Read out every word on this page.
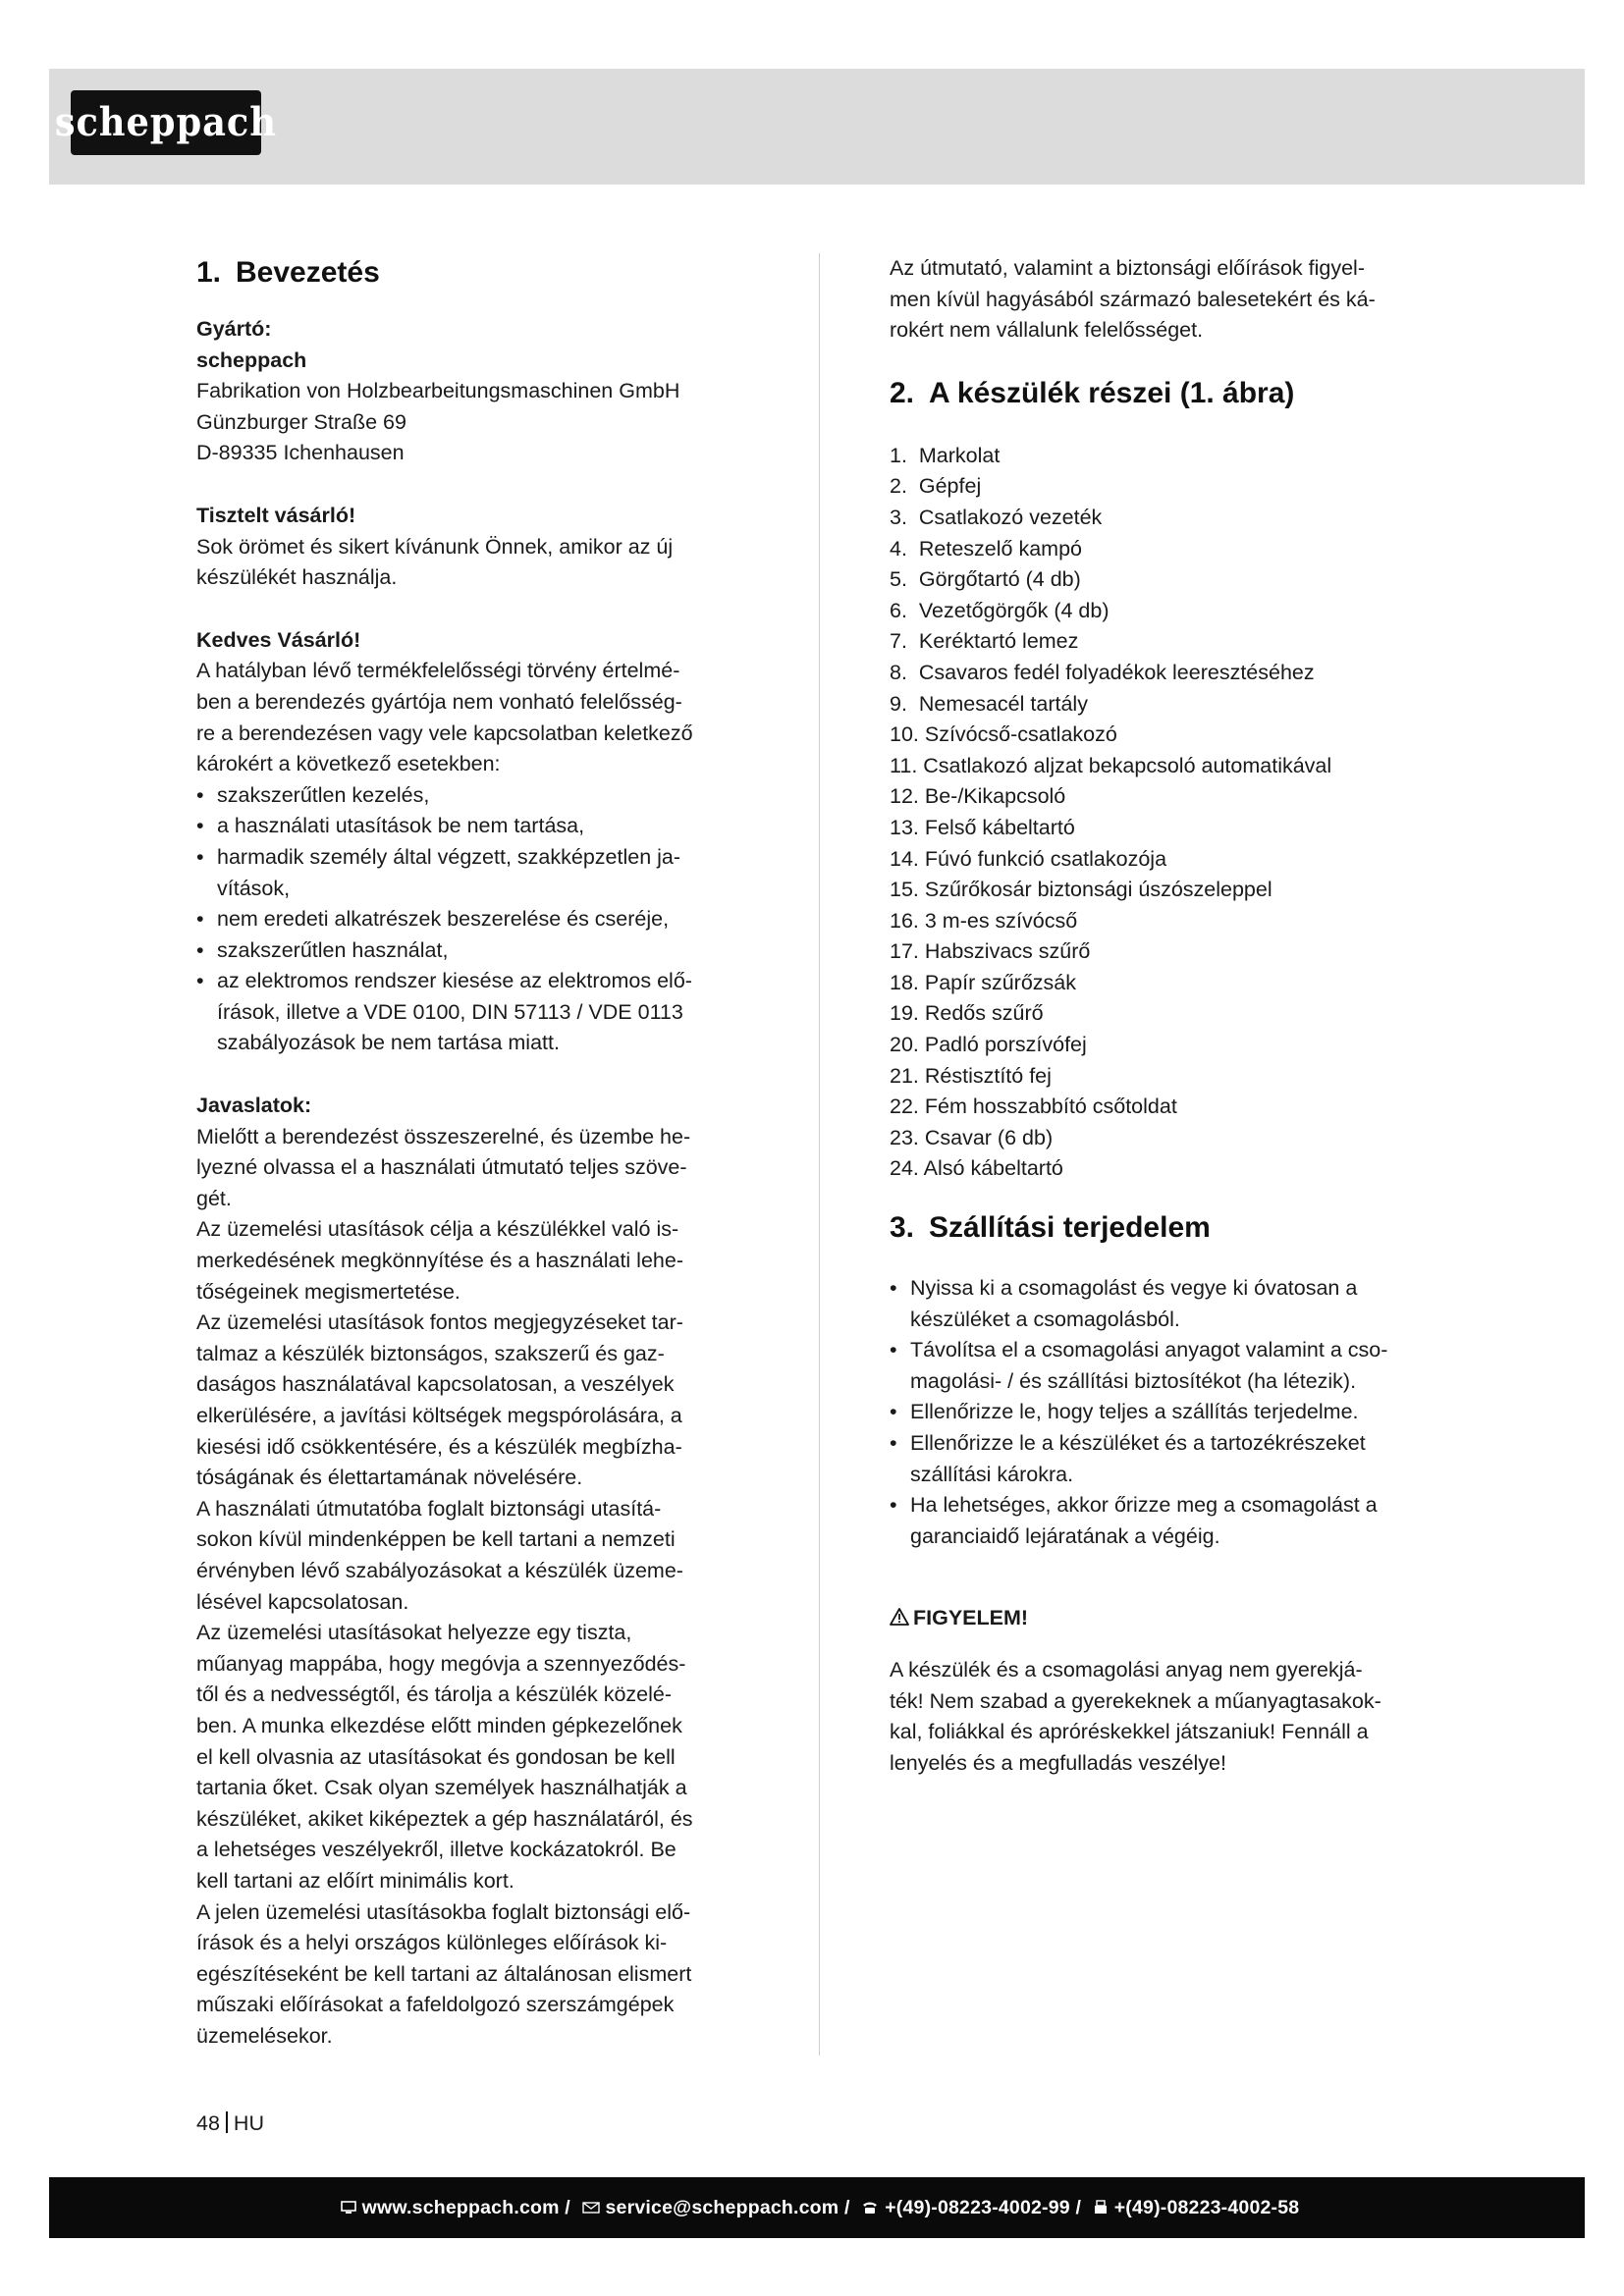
scheppach
1. Bevezetés

Gyártó:

scheppach

Fabrikation von Holzbearbeitungsmaschinen GmbH

Günzburger Straße 69

D-89335 Ichenhausen

Tisztelt vásárló!

Sok örömet és sikert kívánunk Önnek, amikor az új

készülékét használja.

Kedves Vásárló!

A hatályban lévő termékfelelősségi törvény értelmé-

ben a berendezés gyártója nem vonható felelősség-

re a berendezésen vagy vele kapcsolatban keletkező

károkért a következő esetekben:

• szakszerűtlen kezelés,
• a használati utasítások be nem tartása,
• harmadik személy által végzett, szakképzetlen ja-
vítások,
• nem eredeti alkatrészek beszerelése és cseréje,
• szakszerűtlen használat,
• az elektromos rendszer kiesése az elektromos elő-
írások, illetve a VDE 0100, DIN 57113 / VDE 0113
szabályozások be nem tartása miatt.

Javaslatok:

Mielőtt a berendezést összeszerelné, és üzembe he-

lyezné olvassa el a használati útmutató teljes szöve-

gét.

Az üzemelési utasítások célja a készülékkel való is-

merkedésének megkönnyítése és a használati lehe-

tőségeinek megismertetése.

Az üzemelési utasítások fontos megjegyzéseket tar-

talmaz a készülék biztonságos, szakszerű és gaz-

daságos használatával kapcsolatosan, a veszélyek

elkerülésére, a javítási költségek megspórolására, a

kiesési idő csökkentésére, és a készülék megbízha-

tóságának és élettartamának növelésére.

A használati útmutatóba foglalt biztonsági utasítá-

sokon kívül mindenképpen be kell tartani a nemzeti

érvényben lévő szabályozásokat a készülék üzeme-

lésével kapcsolatosan.

Az üzemelési utasításokat helyezze egy tiszta,

műanyag mappába, hogy megóvja a szennyeződés-

től és a nedvességtől, és tárolja a készülék közelé-

ben. A munka elkezdése előtt minden gépkezelőnek

el kell olvasnia az utasításokat és gondosan be kell

tartania őket. Csak olyan személyek használhatják a

készüléket, akiket kiképeztek a gép használatáról, és

a lehetséges veszélyekről, illetve kockázatokról. Be

kell tartani az előírt minimális kort.

A jelen üzemelési utasításokba foglalt biztonsági elő-

írások és a helyi országos különleges előírások ki-

egészítéseként be kell tartani az általánosan elismert

műszaki előírásokat a fafeldolgozó szerszámgépek

üzemelésekor.

Az útmutató, valamint a biztonsági előírások figyel-

men kívül hagyásából származó balesetekért és ká-

rokért nem vállalunk felelősséget.

2. A készülék részei (1. ábra)
1.  Markolat
2.  Gépfej
3.  Csatlakozó vezeték
4.  Reteszelő kampó
5.  Görgőtartó (4 db)
6.  Vezetőgörgők (4 db)
7.  Keréktartó lemez
8.  Csavaros fedél folyadékok leeresztéséhez
9.  Nemesacél tartály
10. Szívócső-csatlakozó
11. Csatlakozó aljzat bekapcsoló automatikával
12. Be-/Kikapcsoló
13. Felső kábeltartó
14. Fúvó funkció csatlakozója
15. Szűrőkosár biztonsági úszószeleppel
16. 3 m-es szívócső
17. Habszivacs szűrő
18. Papír szűrőzsák
19. Redős szűrő
20. Padló porszívófej
21. Réstisztító fej
22. Fém hosszabbító csőtoldat
23. Csavar (6 db)
24. Alsó kábeltartó
3. Szállítási terjedelem
• Nyissa ki a csomagolást és vegye ki óvatosan a
készüléket a csomagolásból.
• Távolítsa el a csomagolási anyagot valamint a cso-
magolási- / és szállítási biztosítékot (ha létezik).
• Ellenőrizze le, hogy teljes a szállítás terjedelme.
• Ellenőrizze le a készüléket és a tartozékrészeket
szállítási károkra.
• Ha lehetséges, akkor őrizze meg a csomagolást a
garanciaidő lejáratának a végéig.

FIGYELEM!

A készülék és a csomagolási anyag nem gyerekjá-

ték! Nem szabad a gyerekeknek a műanyagtasakok-

kal, foliákkal és apróréskekkel játszaniuk! Fennáll a

lenyelés és a megfulladás veszélye!

48 HU
www.scheppach.com / service@scheppach.com / +(49)-08223-4002-99 / +(49)-08223-4002-58
